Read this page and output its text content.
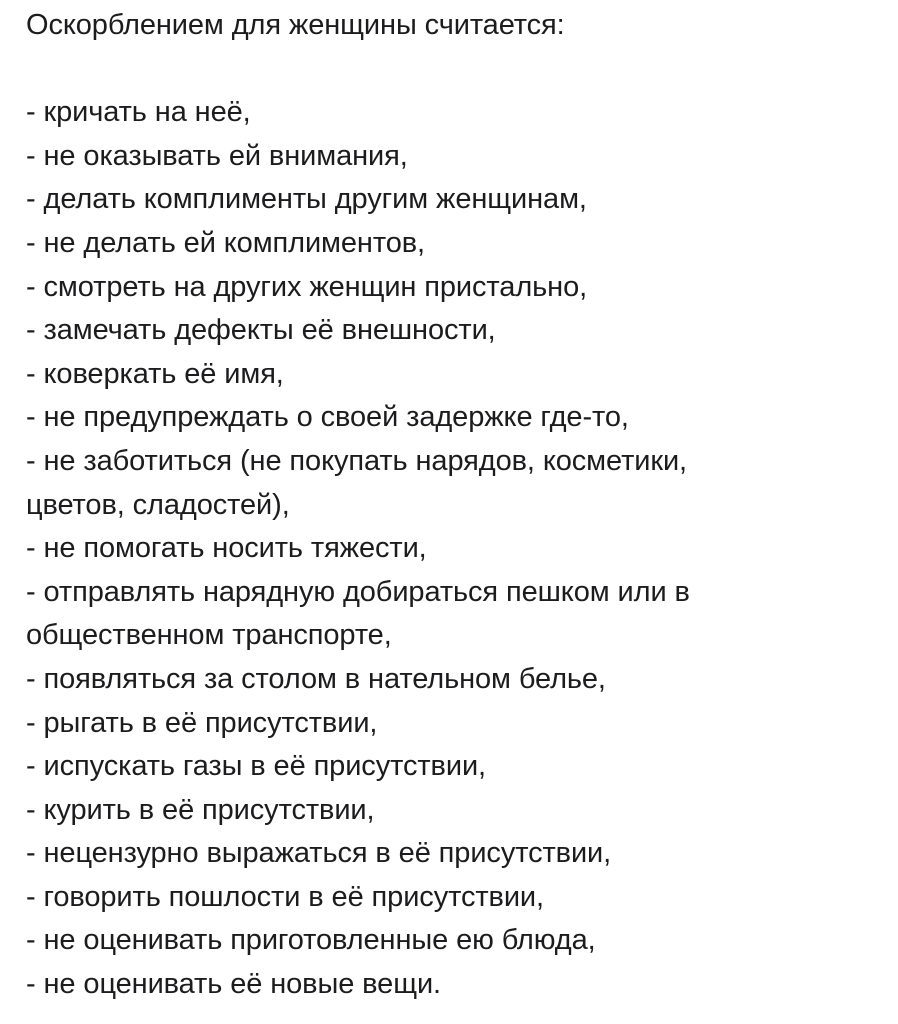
Оскорблением для женщины считается:

- кричать на неё,
- не оказывать ей внимания,
- делать комплименты другим женщинам,
- не делать ей комплиментов,
- смотреть на других женщин пристально,
- замечать дефекты её внешности,
- коверкать её имя,
- не предупреждать о своей задержке где-то,
- не заботиться (не покупать нарядов, косметики,
цветов, сладостей),
- не помогать носить тяжести,
- отправлять нарядную добираться пешком или в
общественном транспорте,
- появляться за столом в нательном белье,
- рыгать в её присутствии,
- испускать газы в её присутствии,
- курить в её присутствии,
- нецензурно выражаться в её присутствии,
- говорить пошлости в её присутствии,
- не оценивать приготовленные ею блюда,
- не оценивать её новые вещи.
